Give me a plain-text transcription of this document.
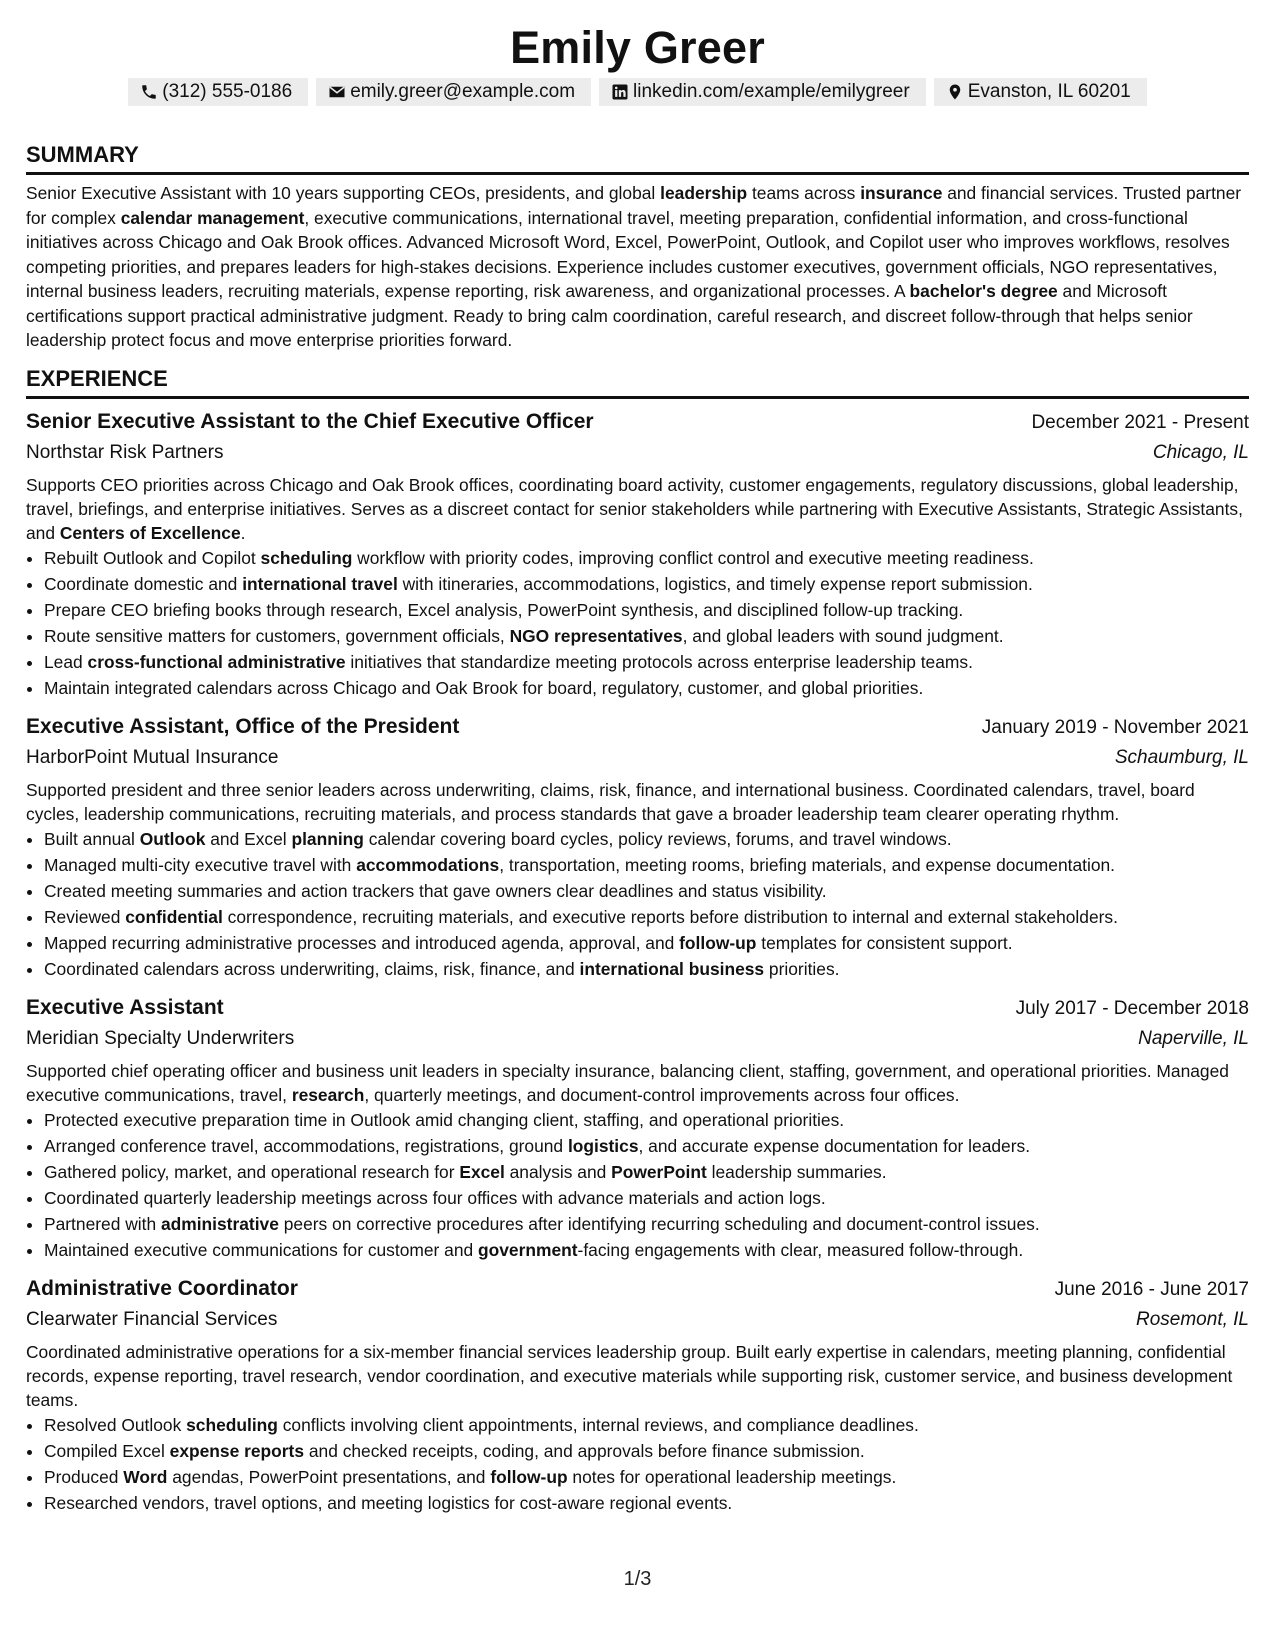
Emily Greer
(312) 555-0186	emily.greer@example.com	linkedin.com/example/emilygreer	Evanston, IL 60201
SUMMARY

Senior Executive Assistant with 10 years supporting CEOs, presidents, and global leadership teams across insurance and financial services. Trusted partner for complex calendar management, executive communications, international travel, meeting preparation, confidential information, and cross-functional initiatives across Chicago and Oak Brook offices. Advanced Microsoft Word, Excel, PowerPoint, Outlook, and Copilot user who improves workflows, resolves competing priorities, and prepares leaders for high-stakes decisions. Experience includes customer executives, government officials, NGO representatives, internal business leaders, recruiting materials, expense reporting, risk awareness, and organizational processes. A bachelor's degree and Microsoft certifications support practical administrative judgment. Ready to bring calm coordination, careful research, and discreet follow-through that helps senior leadership protect focus and move enterprise priorities forward.

EXPERIENCE
Senior Executive Assistant to the Chief Executive Officer	December 2021 - Present
Northstar Risk Partners	Chicago, IL

Supports CEO priorities across Chicago and Oak Brook offices, coordinating board activity, customer engagements, regulatory discussions, global leadership, travel, briefings, and enterprise initiatives. Serves as a discreet contact for senior stakeholders while partnering with Executive Assistants, Strategic Assistants, and Centers of Excellence.

• Rebuilt Outlook and Copilot scheduling workflow with priority codes, improving conflict control and executive meeting readiness.
• Coordinate domestic and international travel with itineraries, accommodations, logistics, and timely expense report submission.
• Prepare CEO briefing books through research, Excel analysis, PowerPoint synthesis, and disciplined follow-up tracking.
• Route sensitive matters for customers, government officials, NGO representatives, and global leaders with sound judgment.
• Lead cross-functional administrative initiatives that standardize meeting protocols across enterprise leadership teams.
• Maintain integrated calendars across Chicago and Oak Brook for board, regulatory, customer, and global priorities.
Executive Assistant, Office of the President	January 2019 - November 2021
HarborPoint Mutual Insurance	Schaumburg, IL

Supported president and three senior leaders across underwriting, claims, risk, finance, and international business. Coordinated calendars, travel, board cycles, leadership communications, recruiting materials, and process standards that gave a broader leadership team clearer operating rhythm.

• Built annual Outlook and Excel planning calendar covering board cycles, policy reviews, forums, and travel windows.
• Managed multi-city executive travel with accommodations, transportation, meeting rooms, briefing materials, and expense documentation.
• Created meeting summaries and action trackers that gave owners clear deadlines and status visibility.
• Reviewed confidential correspondence, recruiting materials, and executive reports before distribution to internal and external stakeholders.
• Mapped recurring administrative processes and introduced agenda, approval, and follow-up templates for consistent support.
• Coordinated calendars across underwriting, claims, risk, finance, and international business priorities.
Executive Assistant	July 2017 - December 2018
Meridian Specialty Underwriters	Naperville, IL

Supported chief operating officer and business unit leaders in specialty insurance, balancing client, staffing, government, and operational priorities. Managed executive communications, travel, research, quarterly meetings, and document-control improvements across four offices.

• Protected executive preparation time in Outlook amid changing client, staffing, and operational priorities.
• Arranged conference travel, accommodations, registrations, ground logistics, and accurate expense documentation for leaders.
• Gathered policy, market, and operational research for Excel analysis and PowerPoint leadership summaries.
• Coordinated quarterly leadership meetings across four offices with advance materials and action logs.
• Partnered with administrative peers on corrective procedures after identifying recurring scheduling and document-control issues.
• Maintained executive communications for customer and government-facing engagements with clear, measured follow-through.
Administrative Coordinator	June 2016 - June 2017
Clearwater Financial Services	Rosemont, IL

Coordinated administrative operations for a six-member financial services leadership group. Built early expertise in calendars, meeting planning, confidential records, expense reporting, travel research, vendor coordination, and executive materials while supporting risk, customer service, and business development teams.

• Resolved Outlook scheduling conflicts involving client appointments, internal reviews, and compliance deadlines.
• Compiled Excel expense reports and checked receipts, coding, and approvals before finance submission.
• Produced Word agendas, PowerPoint presentations, and follow-up notes for operational leadership meetings.
• Researched vendors, travel options, and meeting logistics for cost-aware regional events.
1/3
